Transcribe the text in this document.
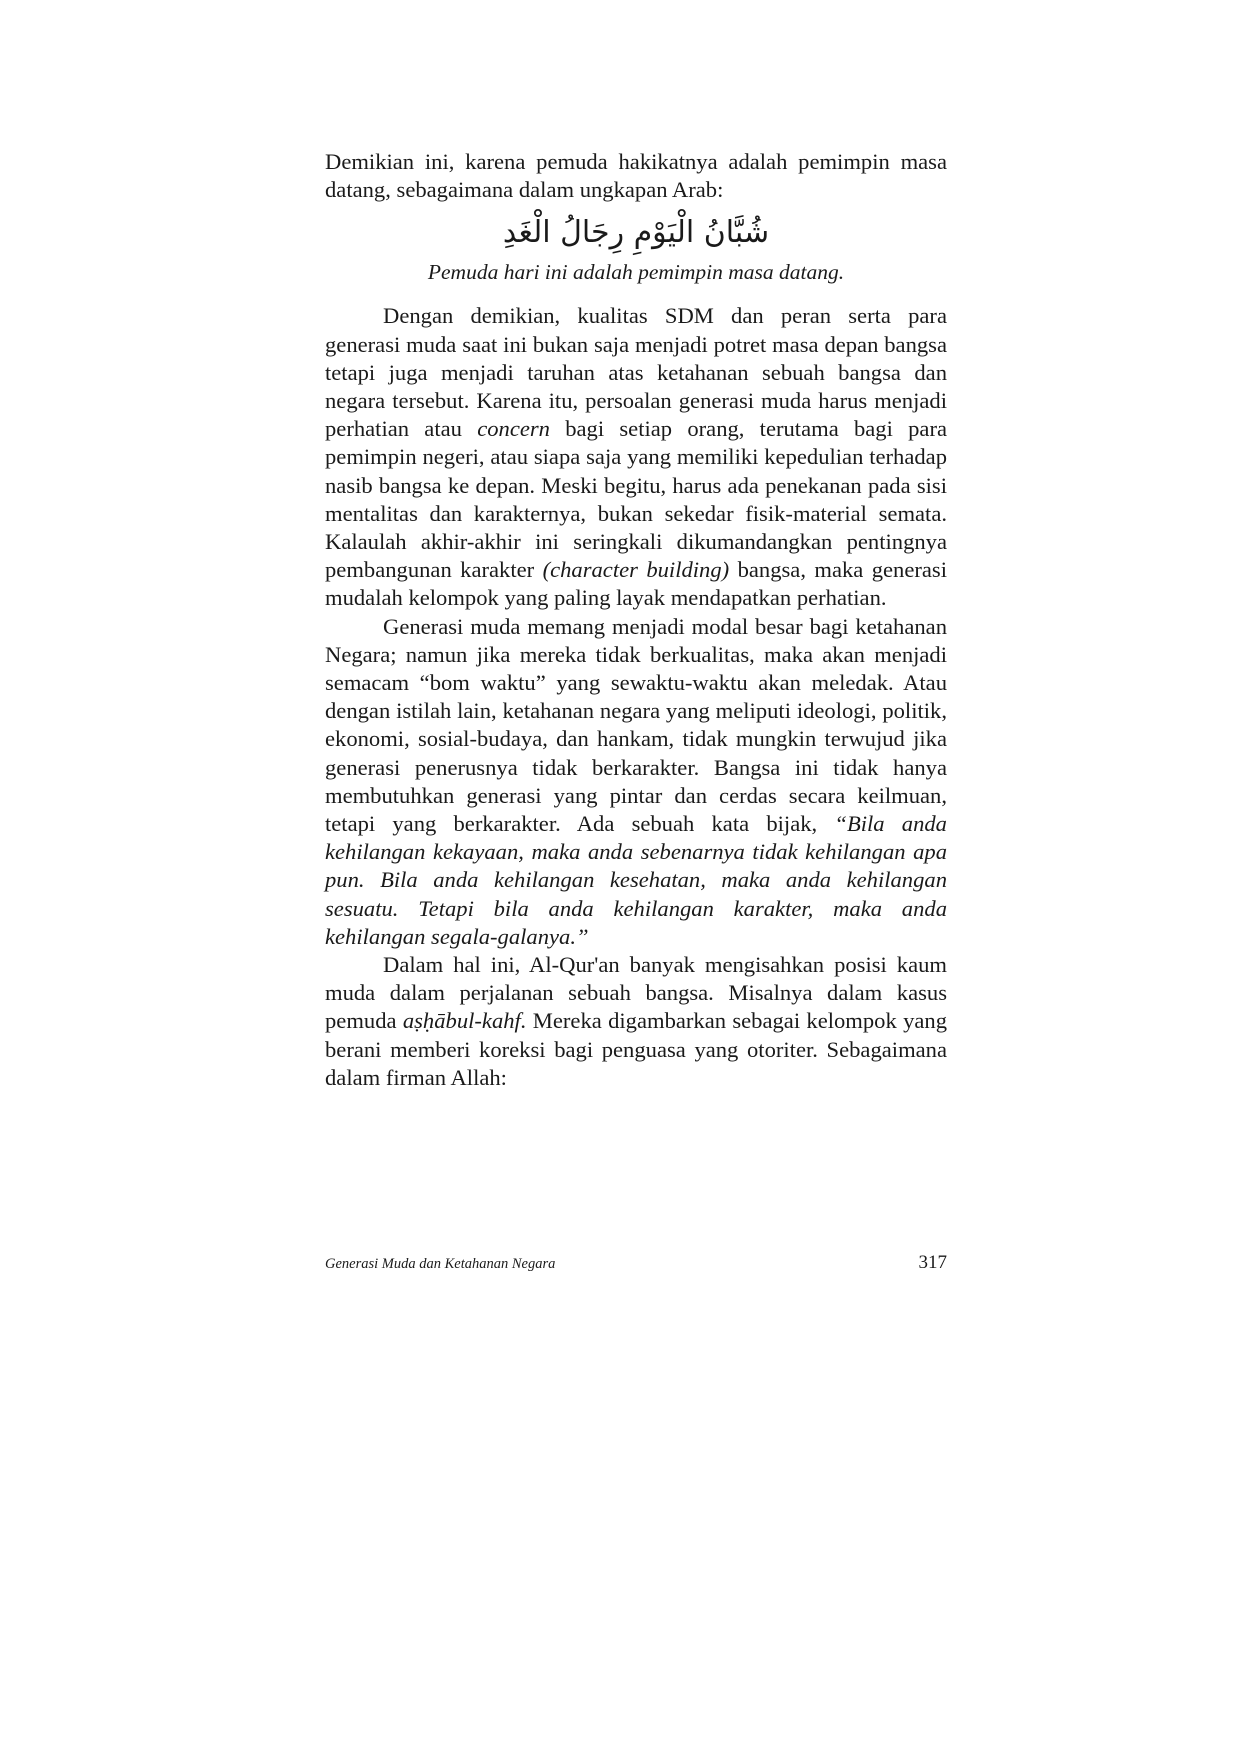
Demikian ini, karena pemuda hakikatnya adalah pemimpin masa datang, sebagaimana dalam ungkapan Arab:

شُبَّانُ الْيَوْمِ رِجَالُ الْغَدِ

Pemuda hari ini adalah pemimpin masa datang.

Dengan demikian, kualitas SDM dan peran serta para generasi muda saat ini bukan saja menjadi potret masa depan bangsa tetapi juga menjadi taruhan atas ketahanan sebuah bangsa dan negara tersebut. Karena itu, persoalan generasi muda harus menjadi perhatian atau concern bagi setiap orang, terutama bagi para pemimpin negeri, atau siapa saja yang memiliki kepedulian terhadap nasib bangsa ke depan. Meski begitu, harus ada penekanan pada sisi mentalitas dan karakternya, bukan sekedar fisik-material semata. Kalaulah akhir-akhir ini seringkali dikumandangkan pentingnya pembangunan karakter (character building) bangsa, maka generasi mudalah kelompok yang paling layak mendapatkan perhatian.

Generasi muda memang menjadi modal besar bagi ketahanan Negara; namun jika mereka tidak berkualitas, maka akan menjadi semacam “bom waktu” yang sewaktu-waktu akan meledak. Atau dengan istilah lain, ketahanan negara yang meliputi ideologi, politik, ekonomi, sosial-budaya, dan hankam, tidak mungkin terwujud jika generasi penerusnya tidak berkarakter. Bangsa ini tidak hanya membutuhkan generasi yang pintar dan cerdas secara keilmuan, tetapi yang berkarakter. Ada sebuah kata bijak, “Bila anda kehilangan kekayaan, maka anda sebenarnya tidak kehilangan apa pun. Bila anda kehilangan kesehatan, maka anda kehilangan sesuatu. Tetapi bila anda kehilangan karakter, maka anda kehilangan segala-galanya.”

Dalam hal ini, Al-Qur'an banyak mengisahkan posisi kaum muda dalam perjalanan sebuah bangsa. Misalnya dalam kasus pemuda aṣḥābul-kahf. Mereka digambarkan sebagai kelompok yang berani memberi koreksi bagi penguasa yang otoriter. Sebagaimana dalam firman Allah:

Generasi Muda dan Ketahanan Negara	317
